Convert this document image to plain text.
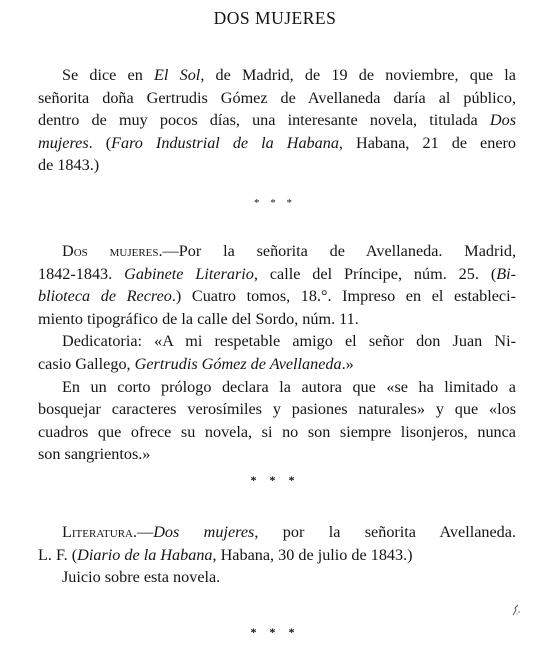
DOS MUJERES
Se dice en El Sol, de Madrid, de 19 de noviembre, que la
señorita doña Gertrudis Gómez de Avellaneda daría al público,
dentro de muy pocos días, una interesante novela, titulada Dos
mujeres. (Faro Industrial de la Habana, Habana, 21 de enero
de 1843.)
* * *
Dos mujeres.—Por la señorita de Avellaneda. Madrid,
1842-1843. Gabinete Literario, calle del Príncipe, núm. 25. (Bi-
blioteca de Recreo.) Cuatro tomos, 18.°. Impreso en el estableci-
miento tipográfico de la calle del Sordo, núm. 11.
Dedicatoria: «A mi respetable amigo el señor don Juan Ni-
casio Gallego, Gertrudis Gómez de Avellaneda.»
En un corto prólogo declara la autora que «se ha limitado a
bosquejar caracteres verosímiles y pasiones naturales» y que «los
cuadros que ofrece su novela, si no son siempre lisonjeros, nunca
son sangrientos.»
* * *
Literatura.—Dos mujeres, por la señorita Avellaneda.
L. F. (Diario de la Habana, Habana, 30 de julio de 1843.)
Juicio sobre esta novela.
* * *
